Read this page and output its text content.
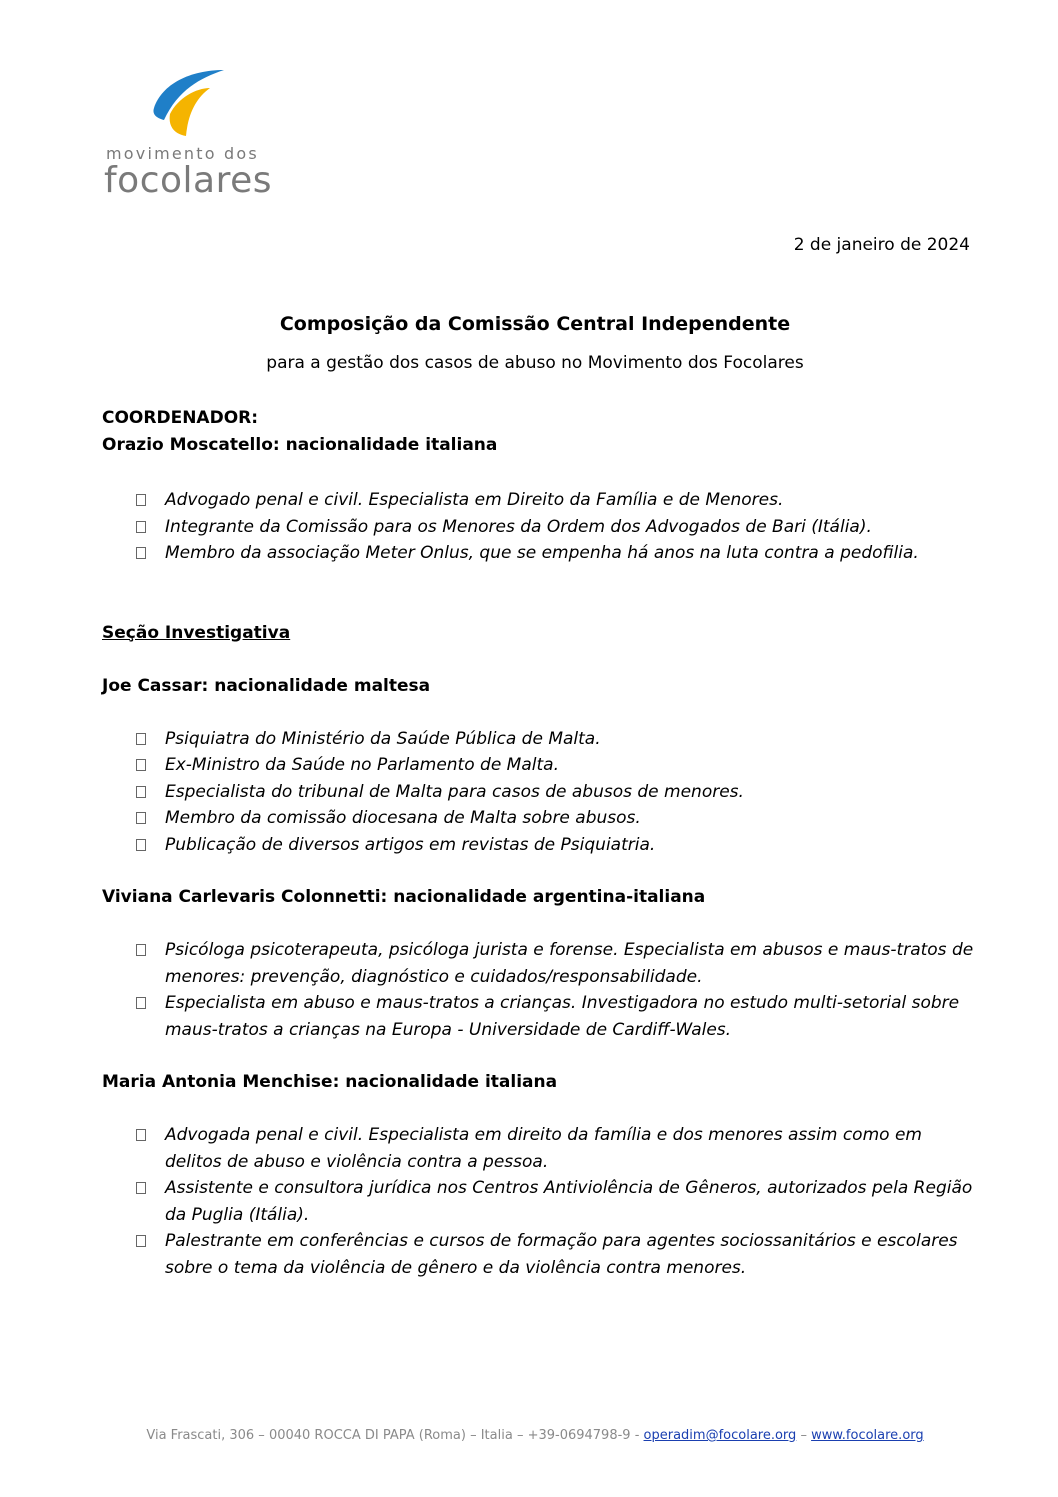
movimento dos
focolares
2 de janeiro de 2024
Composição da Comissão Central Independente
para a gestão dos casos de abuso no Movimento dos Focolares

COORDENADOR:

Orazio Moscatello: nacionalidade italiana

Advogado penal e civil. Especialista em Direito da Família e de Menores.
Integrante da Comissão para os Menores da Ordem dos Advogados de Bari (Itália).
Membro da associação Meter Onlus, que se empenha há anos na luta contra a pedofilia.

Seção Investigativa

Joe Cassar: nacionalidade maltesa

Psiquiatra do Ministério da Saúde Pública de Malta.
Ex-Ministro da Saúde no Parlamento de Malta.
Especialista do tribunal de Malta para casos de abusos de menores.
Membro da comissão diocesana de Malta sobre abusos.
Publicação de diversos artigos em revistas de Psiquiatria.

Viviana Carlevaris Colonnetti: nacionalidade argentina-italiana

Psicóloga psicoterapeuta, psicóloga jurista e forense. Especialista em abusos e maus-tratos de menores: prevenção, diagnóstico e cuidados/responsabilidade.
Especialista em abuso e maus-tratos a crianças. Investigadora no estudo multi-setorial sobre maus-tratos a crianças na Europa - Universidade de Cardiff-Wales.

Maria Antonia Menchise: nacionalidade italiana

Advogada penal e civil. Especialista em direito da família e dos menores assim como em delitos de abuso e violência contra a pessoa.
Assistente e consultora jurídica nos Centros Antiviolência de Gêneros, autorizados pela Região da Puglia (Itália).
Palestrante em conferências e cursos de formação para agentes sociossanitários e escolares sobre o tema da violência de gênero e da violência contra menores.
Via Frascati, 306 – 00040 ROCCA DI PAPA (Roma) – Italia – +39-0694798-9 - operadim@focolare.org – www.focolare.org
